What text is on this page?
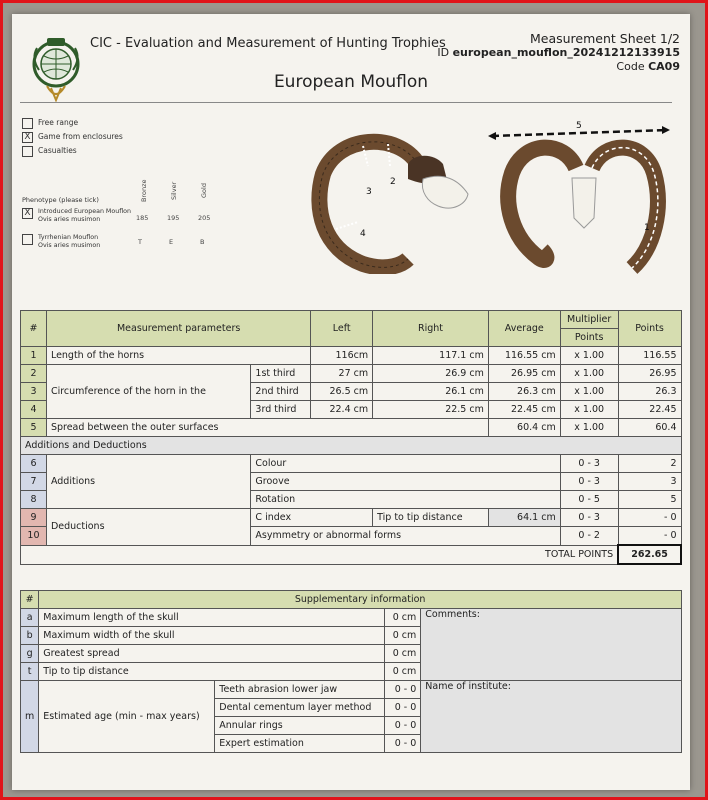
CIC - Evaluation and Measurement of Hunting Trophies	Measurement Sheet 1/2
ID european_mouflon_20241212133915
Code CA09
European Mouflon
Free range
X Game from enclosures
Casualties
Bronze	Silver	Gold
Phenotype (please tick)
X	Introduced European Mouflon
Ovis aries musimon	185	195	205
Tyrrhenian Mouflon
Ovis aries musimon	T	E	B
2
3
4
5
1
#	Measurement parameters		Left	Right	Average	Multiplier	Points
						Points	
1	Length of the horns		116cm	117.1 cm	116.55 cm	x 1.00	116.55
2	Circumference of the horn in the	1st third	27 cm	26.9 cm	26.95 cm	x 1.00	26.95
3		2nd third	26.5 cm	26.1 cm	26.3 cm	x 1.00	26.3
4		3rd third	22.4 cm	22.5 cm	22.45 cm	x 1.00	22.45
5	Spread between the outer surfaces				60.4 cm	x 1.00	60.4
Additions and Deductions							
6	Additions	Colour				0 - 3	2
7		Groove				0 - 3	3
8		Rotation				0 - 5	5
9	Deductions	C index		Tip to tip distance	64.1 cm	0 - 3	- 0
10		Asymmetry or abnormal forms				0 - 2	- 0
TOTAL POINTS							262.65
#	Supplementary information			
a	Maximum length of the skull		0 cm	Comments:
b	Maximum width of the skull		0 cm	
g	Greatest spread		0 cm	
t	Tip to tip distance		0 cm	
m	Estimated age (min - max years)	Teeth abrasion lower jaw	0 - 0	Name of institute:
		Dental cementum layer method	0 - 0	
		Annular rings	0 - 0	
		Expert estimation	0 - 0	
